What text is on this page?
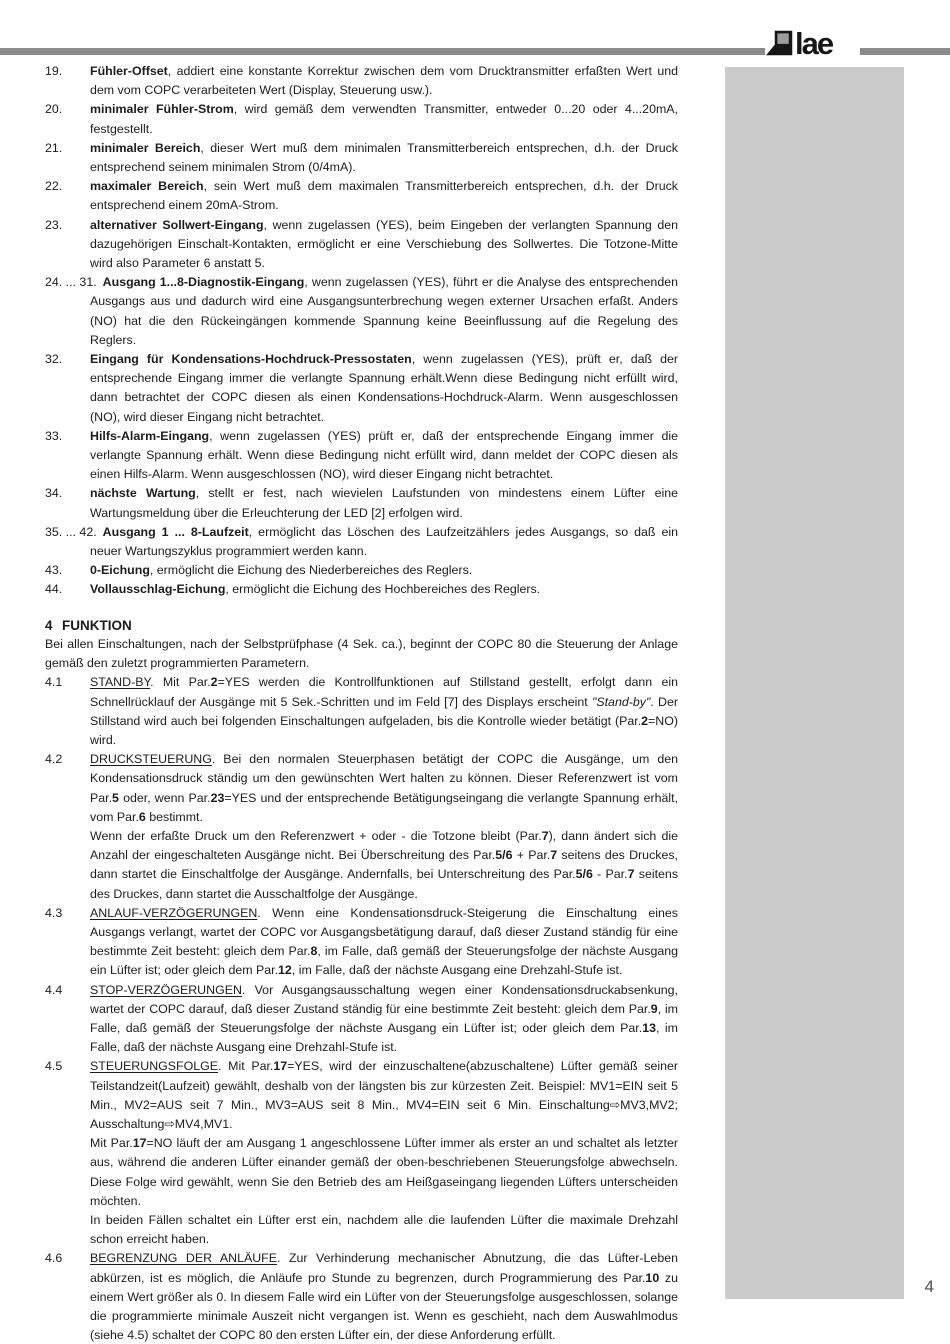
lae
19. Fühler-Offset, addiert eine konstante Korrektur zwischen dem vom Drucktransmitter erfaßten Wert und dem vom COPC verarbeiteten Wert (Display, Steuerung usw.).
20. minimaler Fühler-Strom, wird gemäß dem verwendten Transmitter, entweder 0...20 oder 4...20mA, festgestellt.
21. minimaler Bereich, dieser Wert muß dem minimalen Transmitterbereich entsprechen, d.h. der Druck entsprechend seinem minimalen Strom (0/4mA).
22. maximaler Bereich, sein Wert muß dem maximalen Transmitterbereich entsprechen, d.h. der Druck entsprechend einem 20mA-Strom.
23. alternativer Sollwert-Eingang, wenn zugelassen (YES), beim Eingeben der verlangten Spannung den dazugehörigen Einschalt-Kontakten, ermöglicht er eine Verschiebung des Sollwertes. Die Totzone-Mitte wird also Parameter 6 anstatt 5.
24. ... 31. Ausgang 1...8-Diagnostik-Eingang, wenn zugelassen (YES), führt er die Analyse des entsprechenden Ausgangs aus und dadurch wird eine Ausgangsunterbrechung wegen externer Ursachen erfaßt. Anders (NO) hat die den Rückeingängen kommende Spannung keine Beeinflussung auf die Regelung des Reglers.
32. Eingang für Kondensations-Hochdruck-Pressostaten, wenn zugelassen (YES), prüft er, daß der entsprechende Eingang immer die verlangte Spannung erhält.Wenn diese Bedingung nicht erfüllt wird, dann betrachtet der COPC diesen als einen Kondensations-Hochdruck-Alarm. Wenn ausgeschlossen (NO), wird dieser Eingang nicht betrachtet.
33. Hilfs-Alarm-Eingang, wenn zugelassen (YES) prüft er, daß der entsprechende Eingang immer die verlangte Spannung erhält. Wenn diese Bedingung nicht erfüllt wird, dann meldet der COPC diesen als einen Hilfs-Alarm. Wenn ausgeschlossen (NO), wird dieser Eingang nicht betrachtet.
34. nächste Wartung, stellt er fest, nach wievielen Laufstunden von mindestens einem Lüfter eine Wartungsmeldung über die Erleuchterung der LED [2] erfolgen wird.
35. ... 42. Ausgang 1 ... 8-Laufzeit, ermöglicht das Löschen des Laufzeitzählers jedes Ausgangs, so daß ein neuer Wartungszyklus programmiert werden kann.
43. 0-Eichung, ermöglicht die Eichung des Niederbereiches des Reglers.
44. Vollausschlag-Eichung, ermöglicht die Eichung des Hochbereiches des Reglers.
4 FUNKTION
Bei allen Einschaltungen, nach der Selbstprüfphase (4 Sek. ca.), beginnt der COPC 80 die Steuerung der Anlage gemäß den zuletzt programmierten Parametern.
4.1 STAND-BY. Mit Par.2=YES werden die Kontrollfunktionen auf Stillstand gestellt, erfolgt dann ein Schnellrücklauf der Ausgänge mit 5 Sek.-Schritten und im Feld [7] des Displays erscheint "Stand-by". Der Stillstand wird auch bei folgenden Einschaltungen aufgeladen, bis die Kontrolle wieder betätigt (Par.2=NO) wird.
4.2 DRUCKSTEUERUNG. Bei den normalen Steuerphasen betätigt der COPC die Ausgänge, um den Kondensationsdruck ständig um den gewünschten Wert halten zu können. Dieser Referenzwert ist vom Par.5 oder, wenn Par.23=YES und der entsprechende Betätigungseingang die verlangte Spannung erhält, vom Par.6 bestimmt.
Wenn der erfaßte Druck um den Referenzwert + oder - die Totzone bleibt (Par.7), dann ändert sich die Anzahl der eingeschalteten Ausgänge nicht. Bei Überschreitung des Par.5/6 + Par.7 seitens des Druckes, dann startet die Einschaltfolge der Ausgänge. Andernfalls, bei Unterschreitung des Par.5/6 - Par.7 seitens des Druckes, dann startet die Ausschaltfolge der Ausgänge.
4.3 ANLAUF-VERZÖGERUNGEN. Wenn eine Kondensationsdruck-Steigerung die Einschaltung eines Ausgangs verlangt, wartet der COPC vor Ausgangsbetätigung darauf, daß dieser Zustand ständig für eine bestimmte Zeit besteht: gleich dem Par.8, im Falle, daß gemäß der Steuerungsfolge der nächste Ausgang ein Lüfter ist; oder gleich dem Par.12, im Falle, daß der nächste Ausgang eine Drehzahl-Stufe ist.
4.4 STOP-VERZÖGERUNGEN. Vor Ausgangsausschaltung wegen einer Kondensationsdruckabsenkung, wartet der COPC darauf, daß dieser Zustand ständig für eine bestimmte Zeit besteht: gleich dem Par.9, im Falle, daß gemäß der Steuerungsfolge der nächste Ausgang ein Lüfter ist; oder gleich dem Par.13, im Falle, daß der nächste Ausgang eine Drehzahl-Stufe ist.
4.5 STEUERUNGSFOLGE. Mit Par.17=YES, wird der einzuschaltene(abzuschaltene) Lüfter gemäß seiner Teilstandzeit(Laufzeit) gewählt, deshalb von der längsten bis zur kürzesten Zeit. Beispiel: MV1=EIN seit 5 Min., MV2=AUS seit 7 Min., MV3=AUS seit 8 Min., MV4=EIN seit 6 Min. Einschaltung⇨MV3,MV2; Ausschaltung⇨MV4,MV1.
Mit Par.17=NO läuft der am Ausgang 1 angeschlossene Lüfter immer als erster an und schaltet als letzter aus, während die anderen Lüfter einander gemäß der oben-beschriebenen Steuerungsfolge abwechseln. Diese Folge wird gewählt, wenn Sie den Betrieb des am Heißgaseingang liegenden Lüfters unterscheiden möchten.
In beiden Fällen schaltet ein Lüfter erst ein, nachdem alle die laufenden Lüfter die maximale Drehzahl schon erreicht haben.
4.6 BEGRENZUNG DER ANLÄUFE. Zur Verhinderung mechanischer Abnutzung, die das Lüfter-Leben abkürzen, ist es möglich, die Anläufe pro Stunde zu begrenzen, durch Programmierung des Par.10 zu einem Wert größer als 0. In diesem Falle wird ein Lüfter von der Steuerungsfolge ausgeschlossen, solange die programmierte minimale Auszeit nicht vergangen ist. Wenn es geschieht, nach dem Auswahlmodus (siehe 4.5) schaltet der COPC 80 den ersten Lüfter ein, der diese Anforderung erfüllt.
4
